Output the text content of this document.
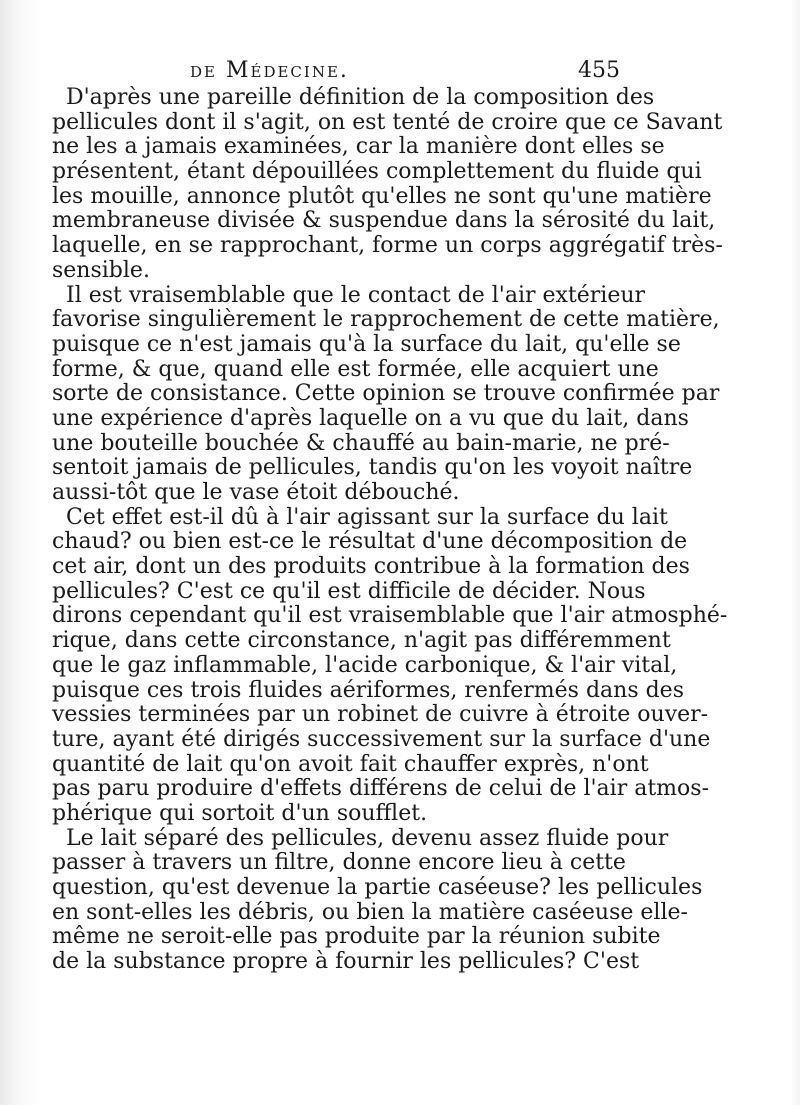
de Médecine.	455
D'après une pareille définition de la composition des
pellicules dont il s'agit, on est tenté de croire que ce Savant
ne les a jamais examinées, car la manière dont elles se
présentent, étant dépouillées complettement du fluide qui
les mouille, annonce plutôt qu'elles ne sont qu'une matière
membraneuse divisée & suspendue dans la sérosité du lait,
laquelle, en se rapprochant, forme un corps aggrégatif très-
sensible.
Il est vraisemblable que le contact de l'air extérieur
favorise singulièrement le rapprochement de cette matière,
puisque ce n'est jamais qu'à la surface du lait, qu'elle se
forme, & que, quand elle est formée, elle acquiert une
sorte de consistance. Cette opinion se trouve confirmée par
une expérience d'après laquelle on a vu que du lait, dans
une bouteille bouchée & chauffé au bain-marie, ne pré-
sentoit jamais de pellicules, tandis qu'on les voyoit naître
aussi-tôt que le vase étoit débouché.
Cet effet est-il dû à l'air agissant sur la surface du lait
chaud? ou bien est-ce le résultat d'une décomposition de
cet air, dont un des produits contribue à la formation des
pellicules? C'est ce qu'il est difficile de décider. Nous
dirons cependant qu'il est vraisemblable que l'air atmosphé-
rique, dans cette circonstance, n'agit pas différemment
que le gaz inflammable, l'acide carbonique, & l'air vital,
puisque ces trois fluides aériformes, renfermés dans des
vessies terminées par un robinet de cuivre à étroite ouver-
ture, ayant été dirigés successivement sur la surface d'une
quantité de lait qu'on avoit fait chauffer exprès, n'ont
pas paru produire d'effets différens de celui de l'air atmos-
phérique qui sortoit d'un soufflet.
Le lait séparé des pellicules, devenu assez fluide pour
passer à travers un filtre, donne encore lieu à cette
question, qu'est devenue la partie caséeuse? les pellicules
en sont-elles les débris, ou bien la matière caséeuse elle-
même ne seroit-elle pas produite par la réunion subite
de la substance propre à fournir les pellicules? C'est
